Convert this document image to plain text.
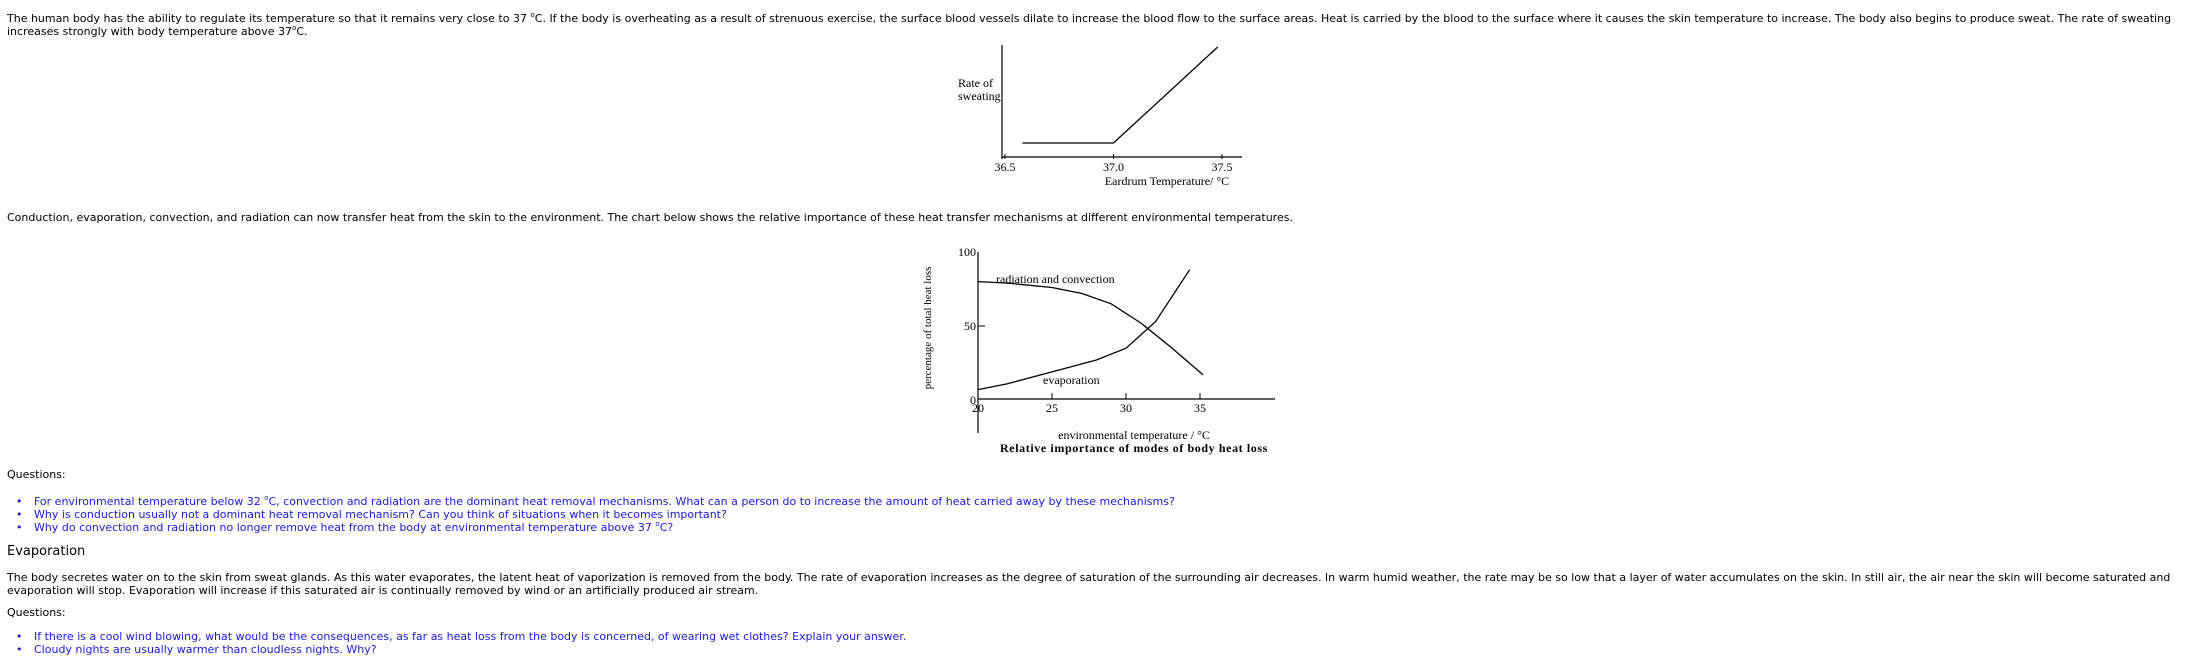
The human body has the ability to regulate its temperature so that it remains very close to 37 $^o$C. If the body is overheating as a result of strenuous exercise, the surface blood vessels dilate to increase the blood flow to the surface areas. Heat is carried by the blood to the surface where it causes the skin temperature to increase. The body also begins to produce sweat. The rate of sweating increases strongly with body temperature above 37$^o$C.

Rate of
sweating
36.5	37.0	37.5
Eardrum Temperature/ °C

Conduction, evaporation, convection, and radiation can now transfer heat from the skin to the environment. The chart below shows the relative importance of these heat transfer mechanisms at different environmental temperatures.

percentage of total heat loss
20	25	30	35
0
50
100
radiation and convection
evaporation
environmental temperature / °C
Relative importance of modes of body heat loss

Questions:

• For environmental temperature below 32 $^o$C, convection and radiation are the dominant heat removal mechanisms. What can a person do to increase the amount of heat carried away by these mechanisms?
• Why is conduction usually not a dominant heat removal mechanism? Can you think of situations when it becomes important?
• Why do convection and radiation no longer remove heat from the body at environmental temperature above 37 $^o$C?
Evaporation

The body secretes water on to the skin from sweat glands. As this water evaporates, the latent heat of vaporization is removed from the body. The rate of evaporation increases as the degree of saturation of the surrounding air decreases. In warm humid weather, the rate may be so low that a layer of water accumulates on the skin. In still air, the air near the skin will become saturated and evaporation will stop. Evaporation will increase if this saturated air is continually removed by wind or an artificially produced air stream.

Questions:

• If there is a cool wind blowing, what would be the consequences, as far as heat loss from the body is concerned, of wearing wet clothes? Explain your answer.
• Cloudy nights are usually warmer than cloudless nights. Why?
